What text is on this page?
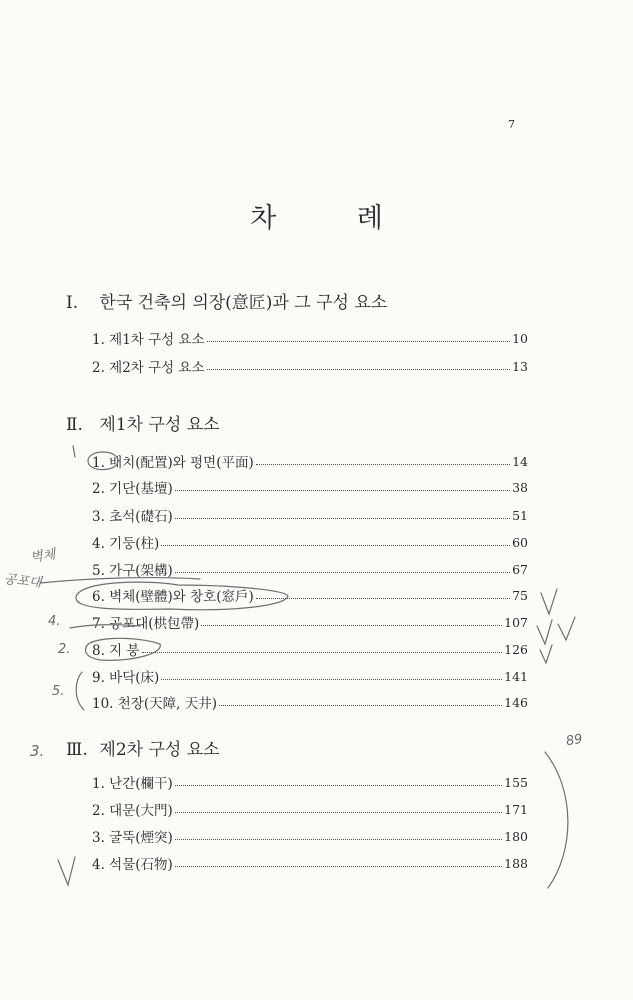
7
차 례
Ⅰ. 한국 건축의 의장(意匠)과 그 구성 요소
1. 제1차 구성 요소	10
2. 제2차 구성 요소	13
Ⅱ. 제1차 구성 요소
1. 배치(配置)와 평면(平面)	14
2. 기단(基壇)	38
3. 초석(礎石)	51
4. 기둥(柱)	60
5. 가구(架構)	67
6. 벽체(壁體)와 창호(窓戶)	75
7. 공포대(栱包帶)	107
8. 지 붕	126
9. 바닥(床)	141
10. 천장(天障, 天井)	146
Ⅲ. 제2차 구성 요소
1. 난간(欄干)	155
2. 대문(大門)	171
3. 굴뚝(煙突)	180
4. 석물(石物)	188
벽체
공포대
4.
2.
5.
3.
89
